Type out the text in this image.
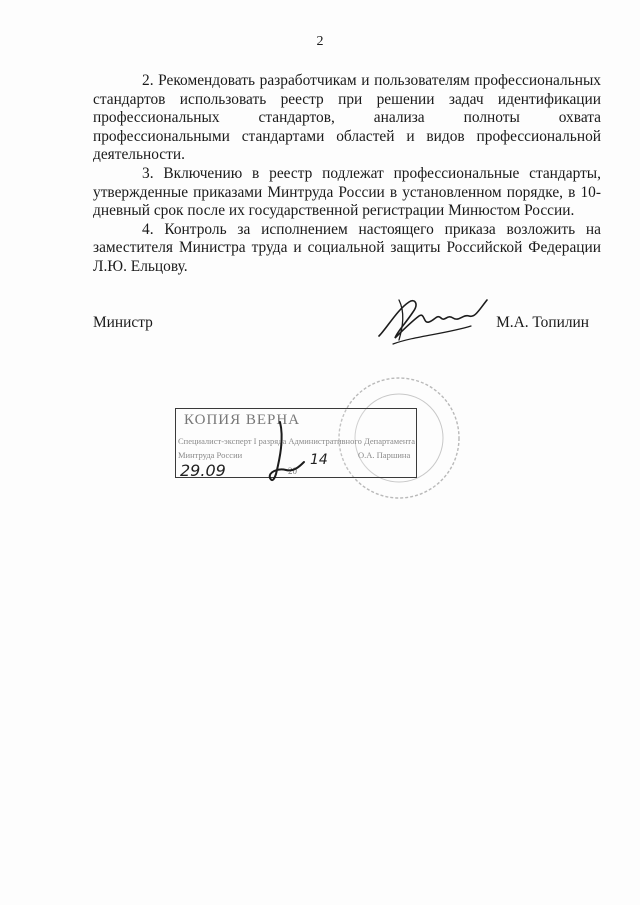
2

2. Рекомендовать разработчикам и пользователям профессиональных стандартов использовать реестр при решении задач идентификации профессиональных стандартов, анализа полноты охвата профессиональными стандартами областей и видов профессиональной деятельности.

3. Включению в реестр подлежат профессиональные стандарты, утвержденные приказами Минтруда России в установленном порядке, в 10-дневный срок после их государственной регистрации Минюстом России.

4. Контроль за исполнением настоящего приказа возложить на заместителя Министра труда и социальной защиты Российской Федерации Л.Ю. Ельцову.

Министр	М.А. Топилин
КОПИЯ ВЕРНА
Специалист-эксперт I разряда Административного Департамента
Минтруда России	О.А. Паршина
29.09
14
20
